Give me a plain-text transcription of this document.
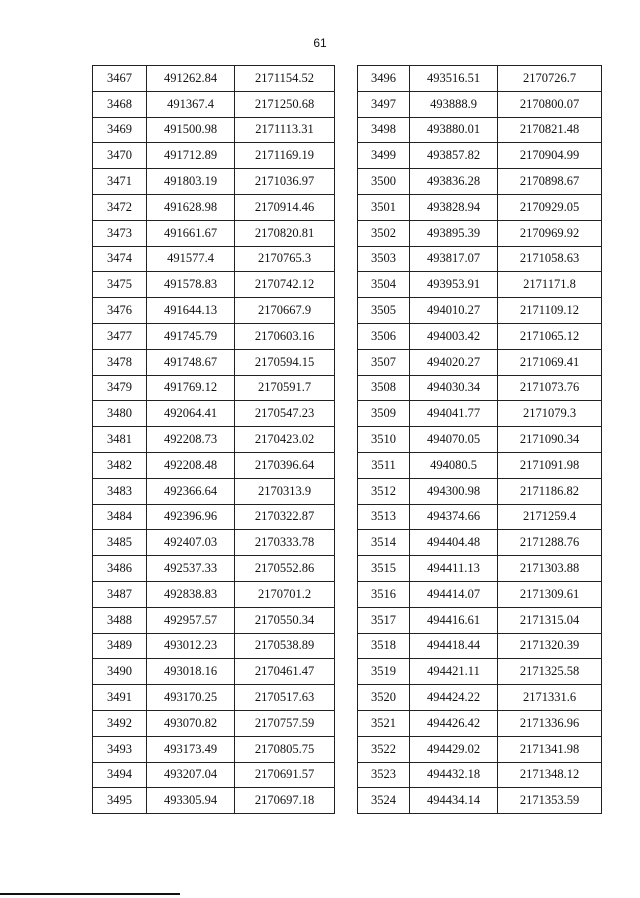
61
3467	491262.84	2171154.52
3468	491367.4	2171250.68
3469	491500.98	2171113.31
3470	491712.89	2171169.19
3471	491803.19	2171036.97
3472	491628.98	2170914.46
3473	491661.67	2170820.81
3474	491577.4	2170765.3
3475	491578.83	2170742.12
3476	491644.13	2170667.9
3477	491745.79	2170603.16
3478	491748.67	2170594.15
3479	491769.12	2170591.7
3480	492064.41	2170547.23
3481	492208.73	2170423.02
3482	492208.48	2170396.64
3483	492366.64	2170313.9
3484	492396.96	2170322.87
3485	492407.03	2170333.78
3486	492537.33	2170552.86
3487	492838.83	2170701.2
3488	492957.57	2170550.34
3489	493012.23	2170538.89
3490	493018.16	2170461.47
3491	493170.25	2170517.63
3492	493070.82	2170757.59
3493	493173.49	2170805.75
3494	493207.04	2170691.57
3495	493305.94	2170697.18
3496	493516.51	2170726.7
3497	493888.9	2170800.07
3498	493880.01	2170821.48
3499	493857.82	2170904.99
3500	493836.28	2170898.67
3501	493828.94	2170929.05
3502	493895.39	2170969.92
3503	493817.07	2171058.63
3504	493953.91	2171171.8
3505	494010.27	2171109.12
3506	494003.42	2171065.12
3507	494020.27	2171069.41
3508	494030.34	2171073.76
3509	494041.77	2171079.3
3510	494070.05	2171090.34
3511	494080.5	2171091.98
3512	494300.98	2171186.82
3513	494374.66	2171259.4
3514	494404.48	2171288.76
3515	494411.13	2171303.88
3516	494414.07	2171309.61
3517	494416.61	2171315.04
3518	494418.44	2171320.39
3519	494421.11	2171325.58
3520	494424.22	2171331.6
3521	494426.42	2171336.96
3522	494429.02	2171341.98
3523	494432.18	2171348.12
3524	494434.14	2171353.59
